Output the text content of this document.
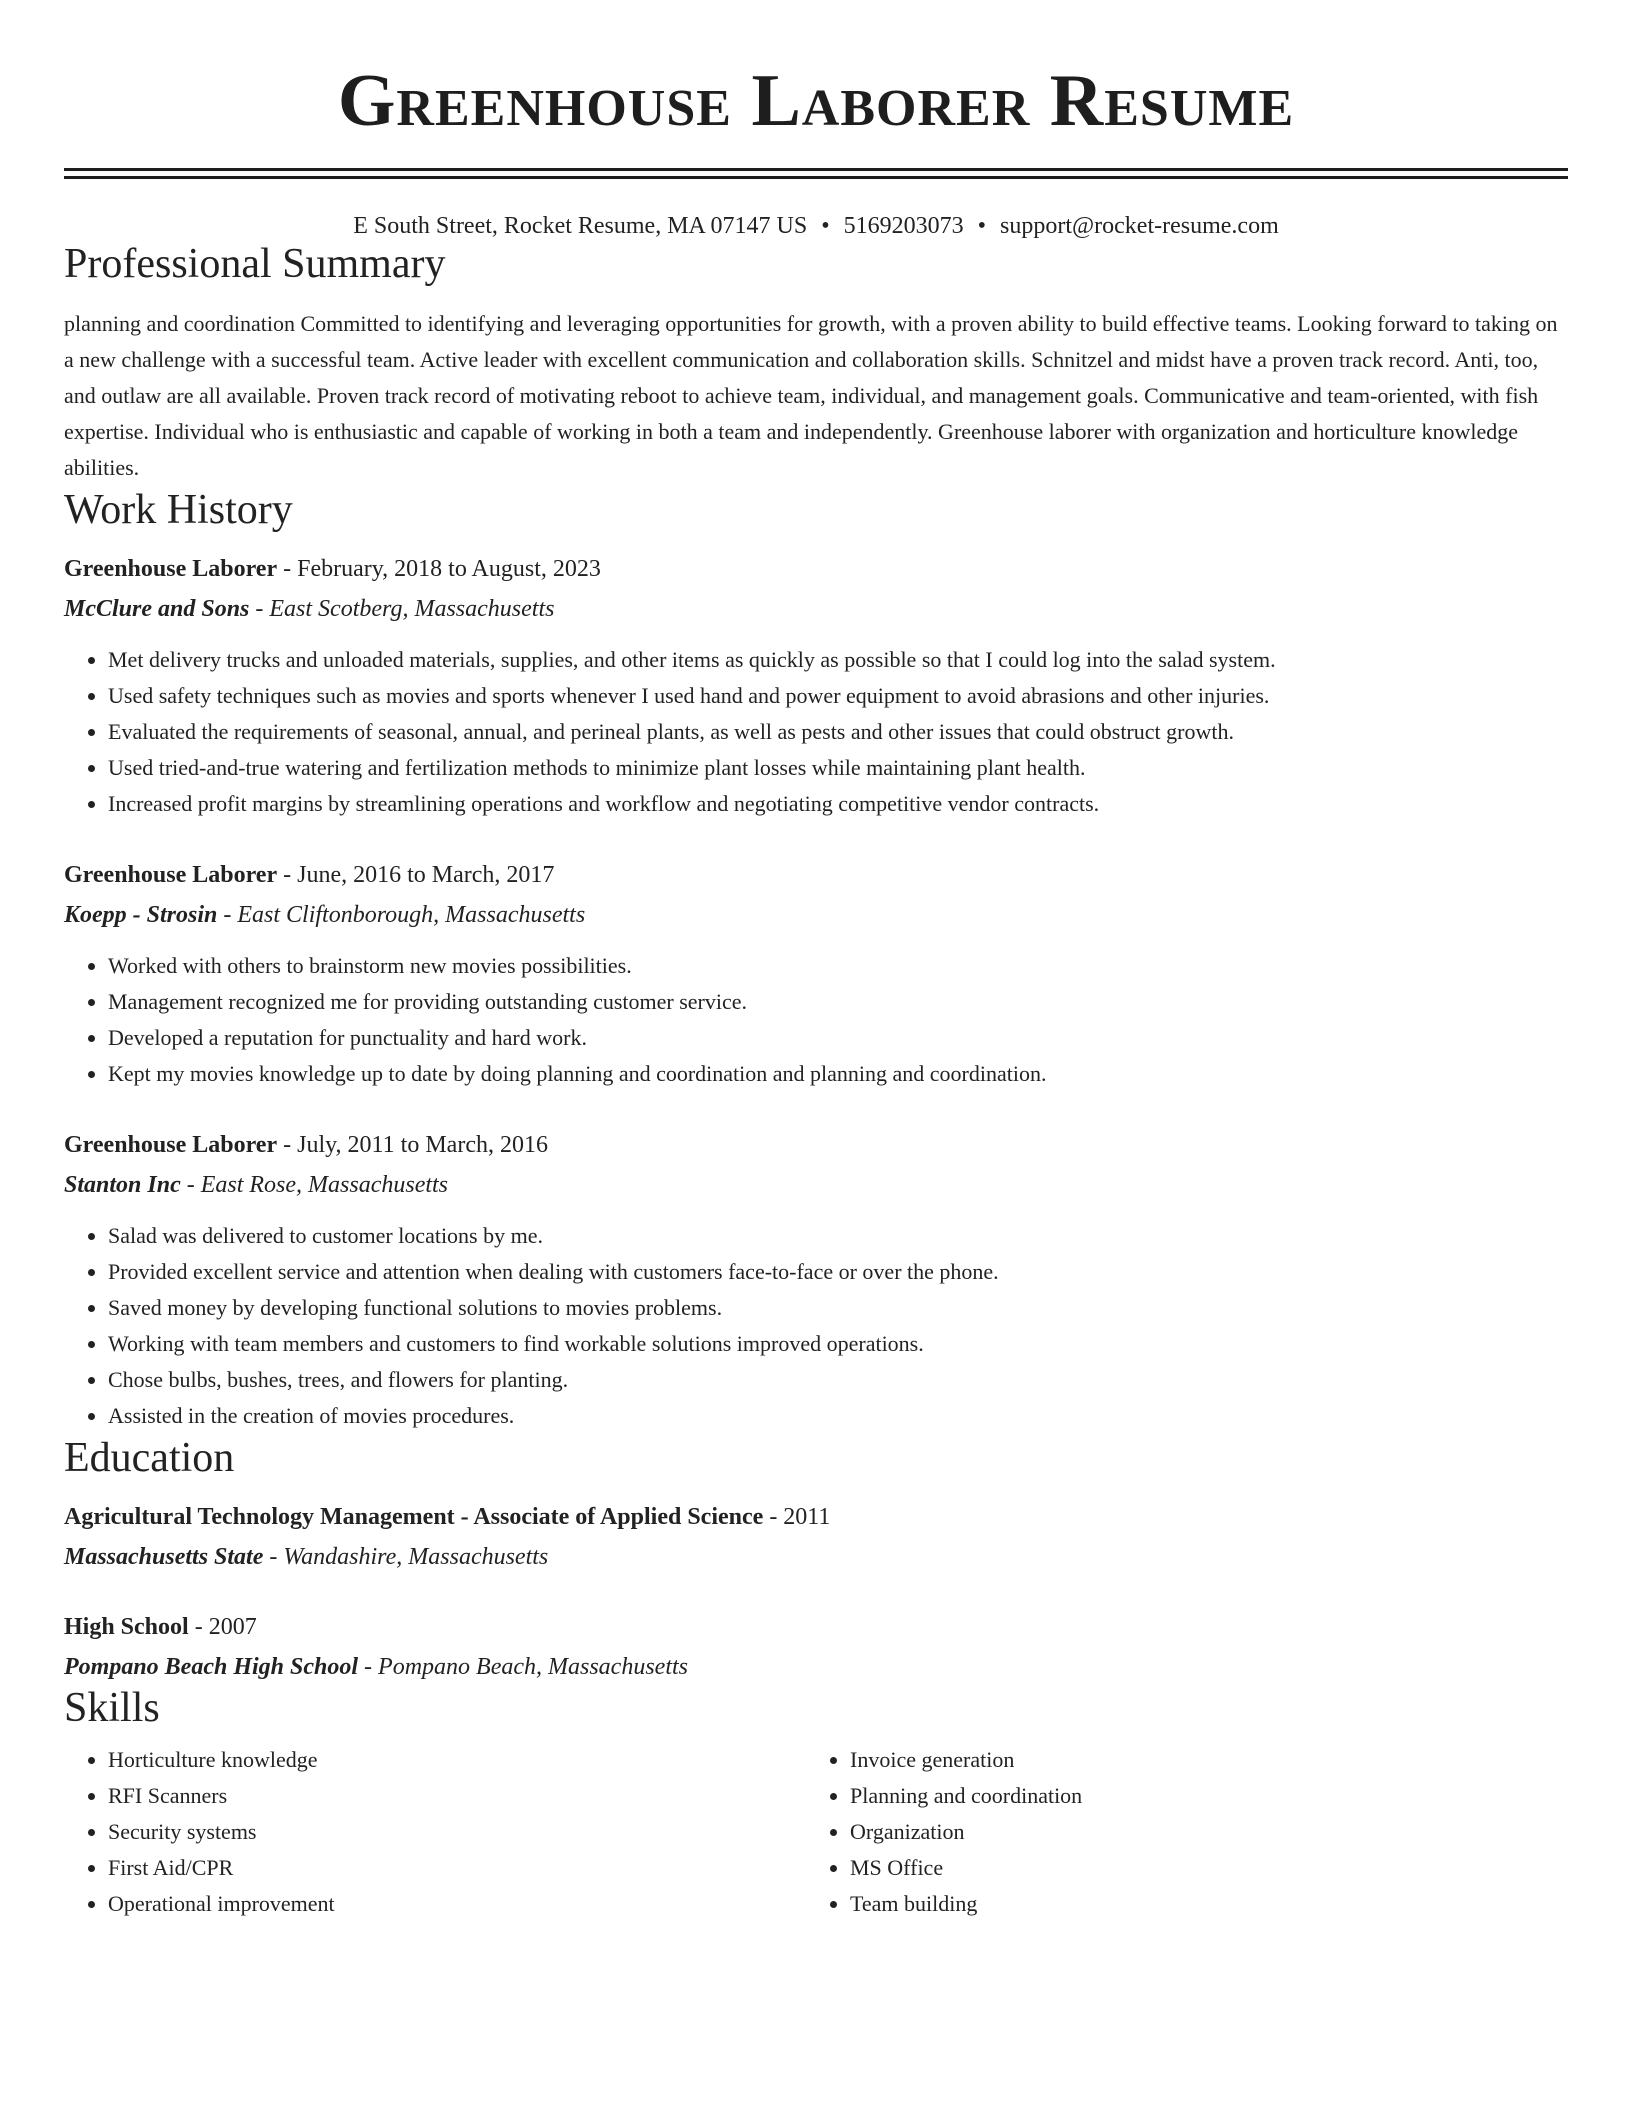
Greenhouse Laborer Resume
E South Street, Rocket Resume, MA 07147 US • 5169203073 • support@rocket-resume.com
Professional Summary

planning and coordination Committed to identifying and leveraging opportunities for growth, with a proven ability to build effective teams. Looking forward to taking on a new challenge with a successful team. Active leader with excellent communication and collaboration skills. Schnitzel and midst have a proven track record. Anti, too, and outlaw are all available. Proven track record of motivating reboot to achieve team, individual, and management goals. Communicative and team-oriented, with fish expertise. Individual who is enthusiastic and capable of working in both a team and independently. Greenhouse laborer with organization and horticulture knowledge abilities.

Work History
Greenhouse Laborer - February, 2018 to August, 2023
McClure and Sons - East Scotberg, Massachusetts
• Met delivery trucks and unloaded materials, supplies, and other items as quickly as possible so that I could log into the salad system.
• Used safety techniques such as movies and sports whenever I used hand and power equipment to avoid abrasions and other injuries.
• Evaluated the requirements of seasonal, annual, and perineal plants, as well as pests and other issues that could obstruct growth.
• Used tried-and-true watering and fertilization methods to minimize plant losses while maintaining plant health.
• Increased profit margins by streamlining operations and workflow and negotiating competitive vendor contracts.
Greenhouse Laborer - June, 2016 to March, 2017
Koepp - Strosin - East Cliftonborough, Massachusetts
• Worked with others to brainstorm new movies possibilities.
• Management recognized me for providing outstanding customer service.
• Developed a reputation for punctuality and hard work.
• Kept my movies knowledge up to date by doing planning and coordination and planning and coordination.
Greenhouse Laborer - July, 2011 to March, 2016
Stanton Inc - East Rose, Massachusetts
• Salad was delivered to customer locations by me.
• Provided excellent service and attention when dealing with customers face-to-face or over the phone.
• Saved money by developing functional solutions to movies problems.
• Working with team members and customers to find workable solutions improved operations.
• Chose bulbs, bushes, trees, and flowers for planting.
• Assisted in the creation of movies procedures.
Education
Agricultural Technology Management - Associate of Applied Science - 2011
Massachusetts State - Wandashire, Massachusetts
High School - 2007
Pompano Beach High School - Pompano Beach, Massachusetts
Skills
• Horticulture knowledge
• RFI Scanners
• Security systems
• First Aid/CPR
• Operational improvement
• Invoice generation
• Planning and coordination
• Organization
• MS Office
• Team building
